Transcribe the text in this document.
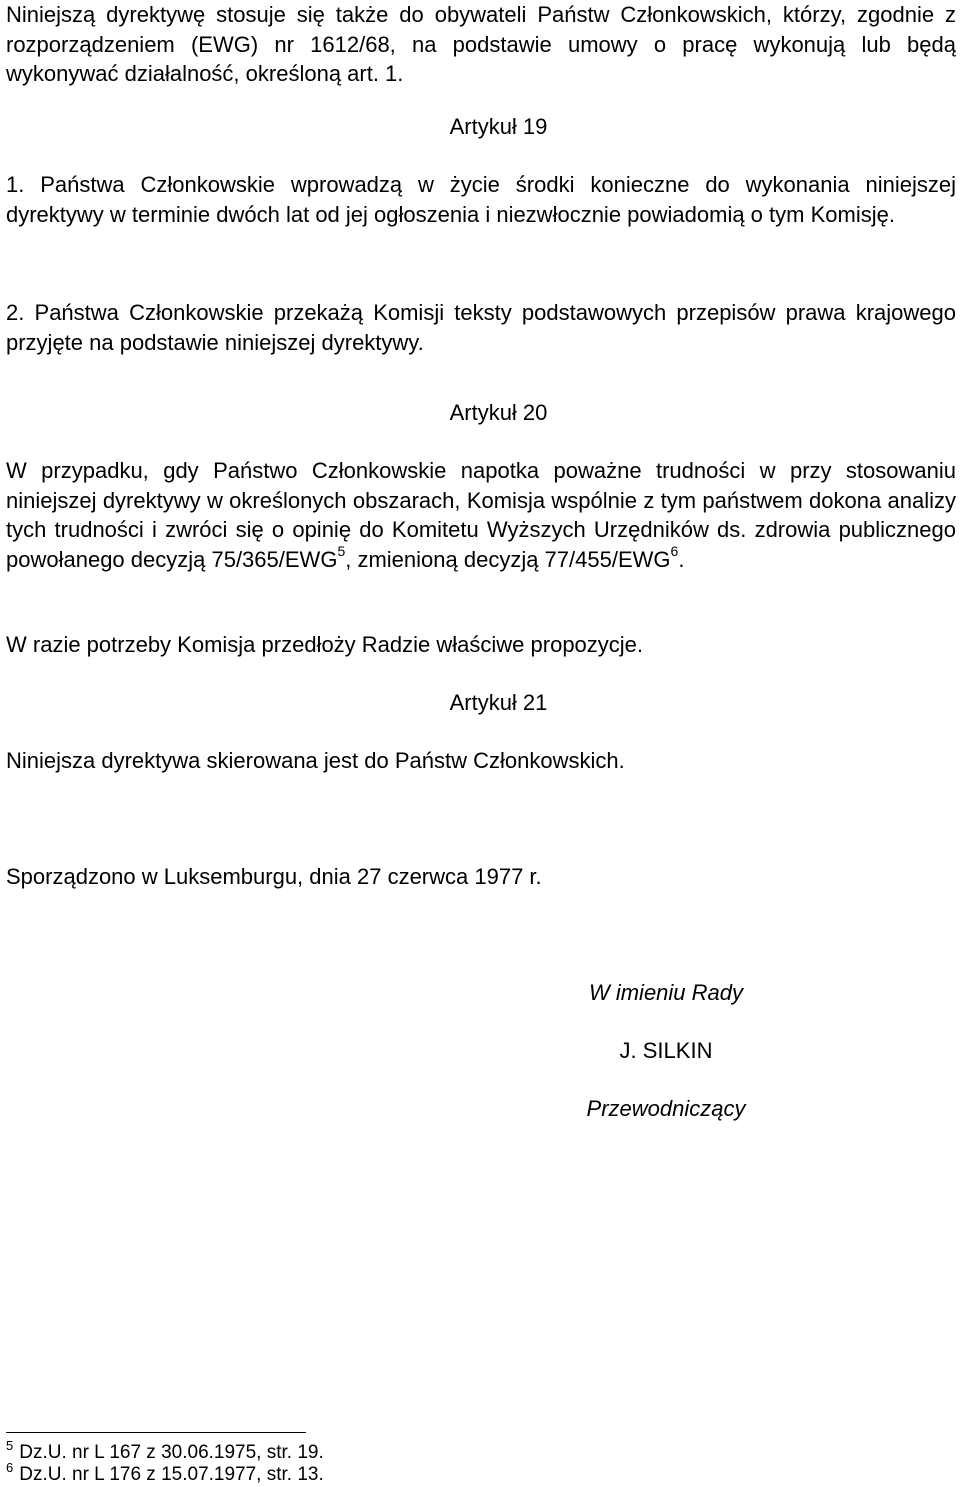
Niniejszą dyrektywę stosuje się także do obywateli Państw Członkowskich, którzy, zgodnie z rozporządzeniem (EWG) nr 1612/68, na podstawie umowy o pracę wykonują lub będą wykonywać działalność, określoną art. 1.

Artykuł 19

1. Państwa Członkowskie wprowadzą w życie środki konieczne do wykonania niniejszej dyrektywy w terminie dwóch lat od jej ogłoszenia i niezwłocznie powiadomią o tym Komisję.

2. Państwa Członkowskie przekażą Komisji teksty podstawowych przepisów prawa krajowego przyjęte na podstawie niniejszej dyrektywy.

Artykuł 20

W przypadku, gdy Państwo Członkowskie napotka poważne trudności w przy stosowaniu niniejszej dyrektywy w określonych obszarach, Komisja wspólnie z tym państwem dokona analizy tych trudności i zwróci się o opinię do Komitetu Wyższych Urzędników ds. zdrowia publicznego powołanego decyzją 75/365/EWG$^5$, zmienioną decyzją 77/455/EWG$^6$.

W razie potrzeby Komisja przedłoży Radzie właściwe propozycje.

Artykuł 21

Niniejsza dyrektywa skierowana jest do Państw Członkowskich.

Sporządzono w Luksemburgu, dnia 27 czerwca 1977 r.

W imieniu Rady

J. SILKIN

Przewodniczący

$^5$ Dz.U. nr L 167 z 30.06.1975, str. 19.

$^6$ Dz.U. nr L 176 z 15.07.1977, str. 13.
